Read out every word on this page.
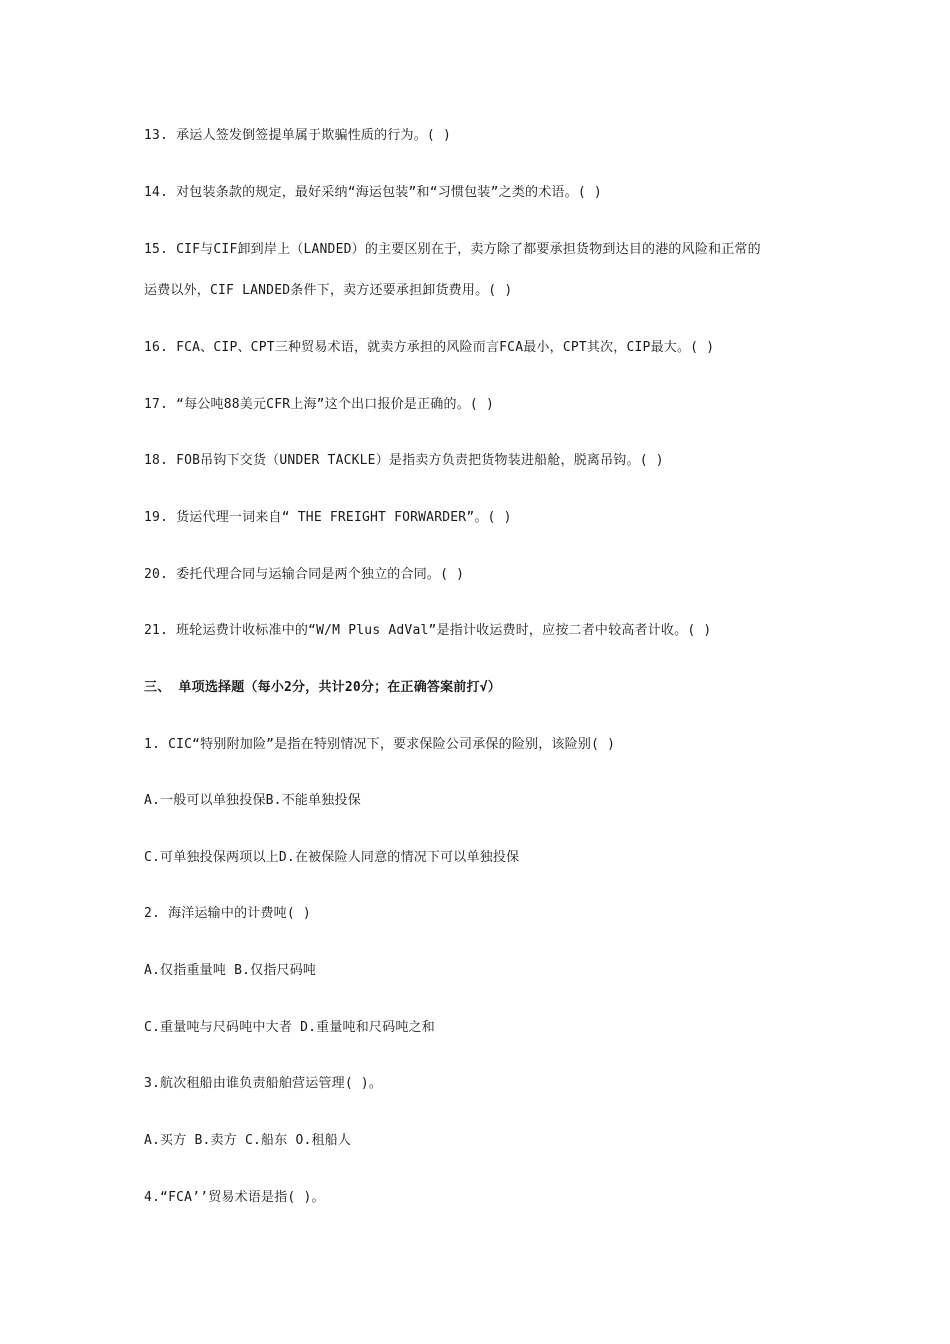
13. 承运人签发倒签提单属于欺骗性质的行为。( )
14. 对包装条款的规定，最好采纳“海运包装”和“习惯包装”之类的术语。( )
15. CIF与CIF卸到岸上（LANDED）的主要区别在于，卖方除了都要承担货物到达目的港的风险和正常的
运费以外，CIF LANDED条件下，卖方还要承担卸货费用。( )
16. FCA、CIP、CPT三种贸易术语，就卖方承担的风险而言FCA最小，CPT其次，CIP最大。( )
17. “每公吨88美元CFR上海”这个出口报价是正确的。( )
18. FOB吊钩下交货（UNDER TACKLE）是指卖方负责把货物装进船舱，脱离吊钩。( )
19. 货运代理一词来自“ THE FREIGHT FORWARDER”。( )
20. 委托代理合同与运输合同是两个独立的合同。( )
21. 班轮运费计收标准中的“W/M Plus AdVal”是指计收运费时，应按二者中较高者计收。( )
三、 单项选择题（每小2分，共计20分；在正确答案前打√）
1. CIC“特别附加险”是指在特别情况下，要求保险公司承保的险别，该险别( )
A.一般可以单独投保B.不能单独投保
C.可单独投保两项以上D.在被保险人同意的情况下可以单独投保
2. 海洋运输中的计费吨( )
A.仅指重量吨 B.仅指尺码吨
C.重量吨与尺码吨中大者 D.重量吨和尺码吨之和
3.航次租船由谁负责船舶营运管理( )。
A.买方 B.卖方 C.船东 O.租船人
4.“FCA’’贸易术语是指( )。
